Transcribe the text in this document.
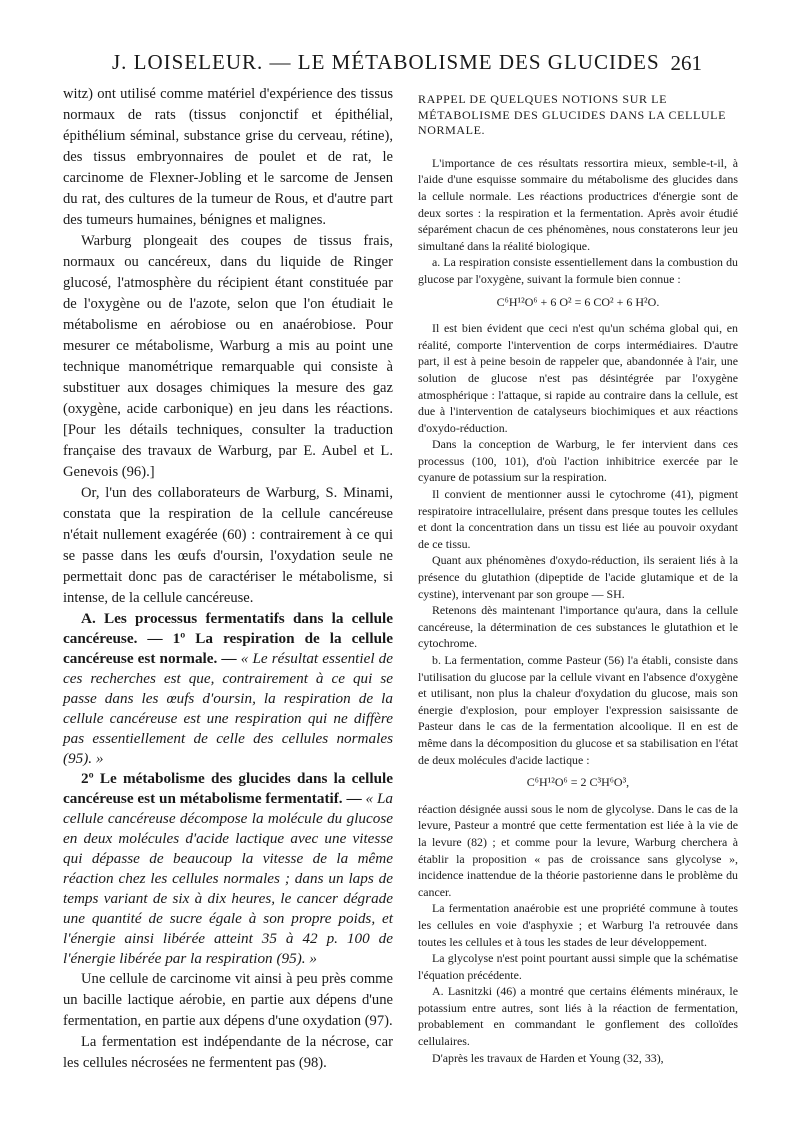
J. LOISELEUR. — LE MÉTABOLISME DES GLUCIDES 261

witz) ont utilisé comme matériel d'expérience des tissus normaux de rats (tissus conjonctif et épithélial, épithélium séminal, substance grise du cerveau, rétine), des tissus embryonnaires de poulet et de rat, le carcinome de Flexner-Jobling et le sarcome de Jensen du rat, des cultures de la tumeur de Rous, et d'autre part des tumeurs humaines, bénignes et malignes.

Warburg plongeait des coupes de tissus frais, normaux ou cancéreux, dans du liquide de Ringer glucosé, l'atmosphère du récipient étant constituée par de l'oxygène ou de l'azote, selon que l'on étudiait le métabolisme en aérobiose ou en anaérobiose. Pour mesurer ce métabolisme, Warburg a mis au point une technique manométrique remarquable qui consiste à substituer aux dosages chimiques la mesure des gaz (oxygène, acide carbonique) en jeu dans les réactions. [Pour les détails techniques, consulter la traduction française des travaux de Warburg, par E. Aubel et L. Genevois (96).]

Or, l'un des collaborateurs de Warburg, S. Minami, constata que la respiration de la cellule cancéreuse n'était nullement exagérée (60) : contrairement à ce qui se passe dans les œufs d'oursin, l'oxydation seule ne permettait donc pas de caractériser le métabolisme, si intense, de la cellule cancéreuse.

A. Les processus fermentatifs dans la cellule cancéreuse. — 1º La respiration de la cellule cancéreuse est normale. — « Le résultat essentiel de ces recherches est que, contrairement à ce qui se passe dans les œufs d'oursin, la respiration de la cellule cancéreuse est une respiration qui ne diffère pas essentiellement de celle des cellules normales (95). »

2º Le métabolisme des glucides dans la cellule cancéreuse est un métabolisme fermentatif. — « La cellule cancéreuse décompose la molécule du glucose en deux molécules d'acide lactique avec une vitesse qui dépasse de beaucoup la vitesse de la même réaction chez les cellules normales ; dans un laps de temps variant de six à dix heures, le cancer dégrade une quantité de sucre égale à son propre poids, et l'énergie ainsi libérée atteint 35 à 42 p. 100 de l'énergie libérée par la respiration (95). »

Une cellule de carcinome vit ainsi à peu près comme un bacille lactique aérobie, en partie aux dépens d'une fermentation, en partie aux dépens d'une oxydation (97).

La fermentation est indépendante de la nécrose, car les cellules nécrosées ne fermentent pas (98).

RAPPEL DE QUELQUES NOTIONS SUR LE MÉTABOLISME DES GLUCIDES DANS LA CELLULE NORMALE.

L'importance de ces résultats ressortira mieux, semble-t-il, à l'aide d'une esquisse sommaire du métabolisme des glucides dans la cellule normale. Les réactions productrices d'énergie sont de deux sortes : la respiration et la fermentation. Après avoir étudié séparément chacun de ces phénomènes, nous constaterons leur jeu simultané dans la réalité biologique.

a. La respiration consiste essentiellement dans la combustion du glucose par l'oxygène, suivant la formule bien connue :

C⁶H¹²O⁶ + 6 O² = 6 CO² + 6 H²O.

Il est bien évident que ceci n'est qu'un schéma global qui, en réalité, comporte l'intervention de corps intermédiaires. D'autre part, il est à peine besoin de rappeler que, abandonnée à l'air, une solution de glucose n'est pas désintégrée par l'oxygène atmosphérique : l'attaque, si rapide au contraire dans la cellule, est due à l'intervention de catalyseurs biochimiques et aux réactions d'oxydo-réduction.

Dans la conception de Warburg, le fer intervient dans ces processus (100, 101), d'où l'action inhibitrice exercée par le cyanure de potassium sur la respiration.

Il convient de mentionner aussi le cytochrome (41), pigment respiratoire intracellulaire, présent dans presque toutes les cellules et dont la concentration dans un tissu est liée au pouvoir oxydant de ce tissu.

Quant aux phénomènes d'oxydo-réduction, ils seraient liés à la présence du glutathion (dipeptide de l'acide glutamique et de la cystine), intervenant par son groupe — SH.

Retenons dès maintenant l'importance qu'aura, dans la cellule cancéreuse, la détermination de ces substances le glutathion et le cytochrome.

b. La fermentation, comme Pasteur (56) l'a établi, consiste dans l'utilisation du glucose par la cellule vivant en l'absence d'oxygène et utilisant, non plus la chaleur d'oxydation du glucose, mais son énergie d'explosion, pour employer l'expression saisissante de Pasteur dans le cas de la fermentation alcoolique. Il en est de même dans la décomposition du glucose et sa stabilisation en l'état de deux molécules d'acide lactique :

C⁶H¹²O⁶ = 2 C³H⁶O³,

réaction désignée aussi sous le nom de glycolyse. Dans le cas de la levure, Pasteur a montré que cette fermentation est liée à la vie de la levure (82) ; et comme pour la levure, Warburg cherchera à établir la proposition « pas de croissance sans glycolyse », incidence inattendue de la théorie pastorienne dans le problème du cancer.

La fermentation anaérobie est une propriété commune à toutes les cellules en voie d'asphyxie ; et Warburg l'a retrouvée dans toutes les cellules et à tous les stades de leur développement.

La glycolyse n'est point pourtant aussi simple que la schématise l'équation précédente.

A. Lasnitzki (46) a montré que certains éléments minéraux, le potassium entre autres, sont liés à la réaction de fermentation, probablement en commandant le gonflement des colloïdes cellulaires.

D'après les travaux de Harden et Young (32, 33),
